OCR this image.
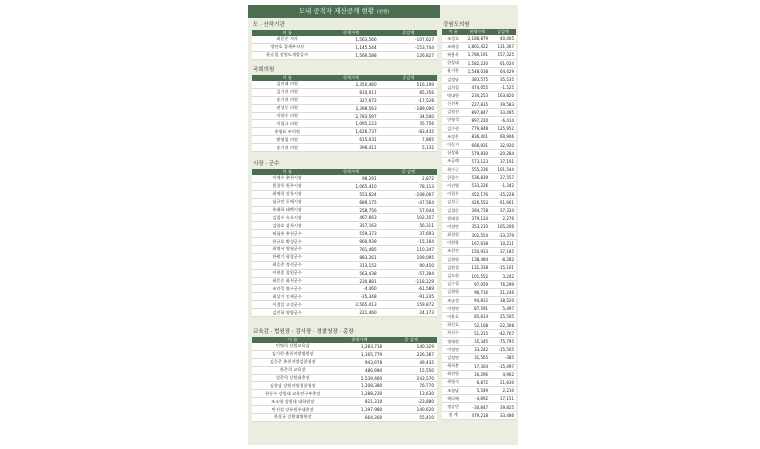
도내 공직자 재산공개 현황 (천원)
도 · 산하기관
이 름	현재가액	증감액
최문순 지사	1,563,566	-107,627
정만호 경제부지사	1,145,544	-153,744
윤승철 강원도개발공사	1,566,588	126,827
국회의원
이 름	현재가액	증감액
김진태 의원	3,350,460	516,199
김기선 의원	810,011	85,356
송기헌 의원	327,672	-17,528
권성동 의원	3,398,563	-189,000
이양수 의원	2,783,597	34,500
이철규 의원	1,095,123	35,756
홍영표 부의원	1,626,737	-83,435
황영철 의원	615,031	7,865
송기헌 의원	398,411	5,132
시장 · 군수
이 름	현재가액	증 감액
이재수 춘천시장	98,291	2,872
원창묵 원주시장	1,065,410	78,113
최명희 강릉시장	553,624	-108,067
심규언 동해시장	689,175	-47,564
홍태하 태백시장	258,756	57,644
김철수 속초시장	467,663	102,357
김양호 삼척시장	357,163	56,311
허필홍 홍천군수	559,373	37,693
한규호 횡성군수	960,939	-15,164
최명서 영월군수	761,485	110,347
한왕기 평창군수	883,261	109,095
최승준 정선군수	313,152	90,450
이현종 철원군수	563,438	-57,394
최문순 화천군수	230,881	-118,229
조인묵 양구군수	-4,460	-61,589
최상기 인제군수	-35,348	-91,235
이경일 고성군수	2,565,413	159,872
김진하 양양군수	221,460	24,173
교육감 · 법원장 · 검사장 · 경찰청장 · 총장
이 름	현재가액	증 감액
민병희 강원교육감	1,283,718	140,329
김기현 춘천지방법원장	1,165,779	226,387
김응준 춘천지방검찰청장	943,978	49,435
한준희 교육장	486,980	15,550
설준희 강원대총장	2,539,460	243,570
김창남 강원지방경찰청장	1,208,380	76,770
한동수 강원대 교육연구부총장	1,288,230	13,630
조소영 강원대 대학원장	821,310	-23,880
반선섭 강릉원주대총장	1,197,980	140,620
한상규 강원대병원장	664,300	55,410
강원도의원
이 름	현재가액	증감액
조성호	2,188,879	40,405
조해성	1,801,422	131,367
곽용욱	1,786,191	157,325
한상태	1,582,220	61,024
윤기찬	1,548,038	64,429
김정남	383,575	35,535
김희철	474,055	-1,525
박대현	234,253	163,820
신진복	227,835	39,583
김영선	897,847	33,495
안영석	897,220	-6,414
김수현	779,848	125,952
조정은	836,401	60,906
이동기	666,931	32,920
심상화	579,830	-20,284
조금례	573,123	37,101
곽수근	555,236	101,544
한창수	536,839	27,557
이선영	533,226	-1,342
이철우	452,176	-35,228
김성근	426,553	61,661
김경준	394,718	37,334
원태경	379,124	2,276
이정만	353,210	105,206
최성현	302,554	-33,379
이원학	167,638	10,211
조천진	150,933	37,185
김형원	138,484	-8,282
김현경	131,338	-15,101
김도현	101,552	3,242
김수철	97,059	76,299
김형원	96,716	21,246
조남성	94,812	38,520
이정연	87,591	5,497
이용호	85,814	25,505
최인호	52,108	-22,308
차진수	51,215	-42,767
정태현	35,345	-75,795
이정연	33,242	-15,505
김정연	31,565	-385
곽희봉	17,304	-15,497
최진원	16,296	4,962
곽영식	6,872	21,830
조영남	5,549	2,210
곽다혜	-4,892	37,151
정승민	-30,847	39,825
합 계	479,218	33,486
